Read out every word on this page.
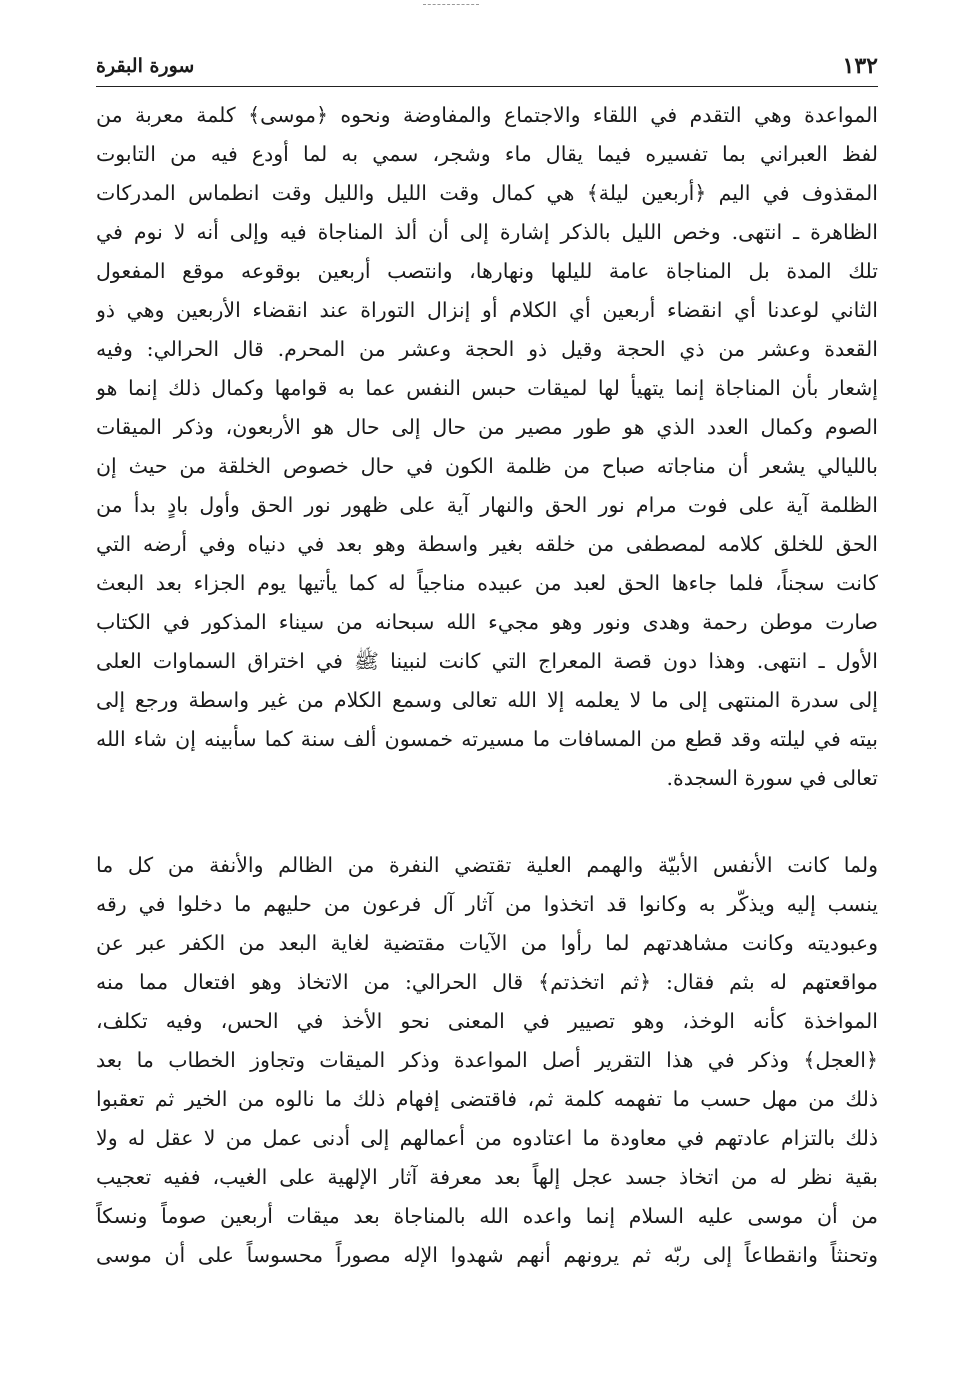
١٣٢
سورة البقرة

المواعدة وهي التقدم في اللقاء والاجتماع والمفاوضة ونحوه ﴿موسى﴾ كلمة معربة من
لفظ العبراني بما تفسيره فيما يقال ماء وشجر، سمي به لما أودع فيه من التابوت
المقذوف في اليم ﴿أربعين ليلة﴾ هي كمال وقت الليل والليل وقت انطماس المدركات
الظاهرة ـ انتهى. وخص الليل بالذكر إشارة إلى أن ألذ المناجاة فيه وإلى أنه لا نوم في
تلك المدة بل المناجاة عامة لليلها ونهارها، وانتصب أربعين بوقوعه موقع المفعول
الثاني لوعدنا أي انقضاء أربعين أي الكلام أو إنزال التوراة عند انقضاء الأربعين وهي ذو
القعدة وعشر من ذي الحجة وقيل ذو الحجة وعشر من المحرم. قال الحرالي: وفيه
إشعار بأن المناجاة إنما يتهيأ لها لميقات حبس النفس عما به قوامها وكمال ذلك إنما هو
الصوم وكمال العدد الذي هو طور مصير من حال إلى حال هو الأربعون، وذكر الميقات
بالليالي يشعر أن مناجاته صباح من ظلمة الكون في حال خصوص الخلقة من حيث إن
الظلمة آية على فوت مرام نور الحق والنهار آية على ظهور نور الحق وأول بادٍ بدأ من
الحق للخلق كلامه لمصطفى من خلقه بغير واسطة وهو بعد في دنياه وفي أرضه التي
كانت سجناً، فلما جاءها الحق لعبد من عبيده مناجياً له كما يأتيها يوم الجزاء بعد البعث
صارت موطن رحمة وهدى ونور وهو مجيء الله سبحانه من سيناء المذكور في الكتاب
الأول ـ انتهى. وهذا دون قصة المعراج التي كانت لنبينا ﷺ في اختراق السماوات العلى
إلى سدرة المنتهى إلى ما لا يعلمه إلا الله تعالى وسمع الكلام من غير واسطة ورجع إلى
بيته في ليلته وقد قطع من المسافات ما مسيرته خمسون ألف سنة كما سأبينه إن شاء الله
تعالى في سورة السجدة.

ولما كانت الأنفس الأبيّة والهمم العلية تقتضي النفرة من الظالم والأنفة من كل ما
ينسب إليه ويذكّر به وكانوا قد اتخذوا من آثار آل فرعون من حليهم ما دخلوا في رقه
وعبوديته وكانت مشاهدتهم لما رأوا من الآيات مقتضية لغاية البعد من الكفر عبر عن
مواقعتهم له بثم فقال: ﴿ثم اتخذتم﴾ قال الحرالي: من الاتخاذ وهو افتعال مما منه
المواخذة كأنه الوخذ، وهو تصيير في المعنى نحو الأخذ في الحس، وفيه تكلف،
﴿العجل﴾ وذكر في هذا التقرير أصل المواعدة وذكر الميقات وتجاوز الخطاب ما بعد
ذلك من مهل حسب ما تفهمه كلمة ثم، فاقتضى إفهام ذلك ما نالوه من الخير ثم تعقبوا
ذلك بالتزام عادتهم في معاودة ما اعتادوه من أعمالهم إلى أدنى عمل من لا عقل له ولا
بقية نظر له من اتخاذ جسد عجل إلهاً بعد معرفة آثار الإلهية على الغيب، ففيه تعجيب
من أن موسى عليه السلام إنما واعده الله بالمناجاة بعد ميقات أربعين صوماً ونسكاً
وتحنثاً وانقطاعاً إلى ربّه ثم يرونهم أنهم شهدوا الإله مصوراً محسوساً على أن موسى
